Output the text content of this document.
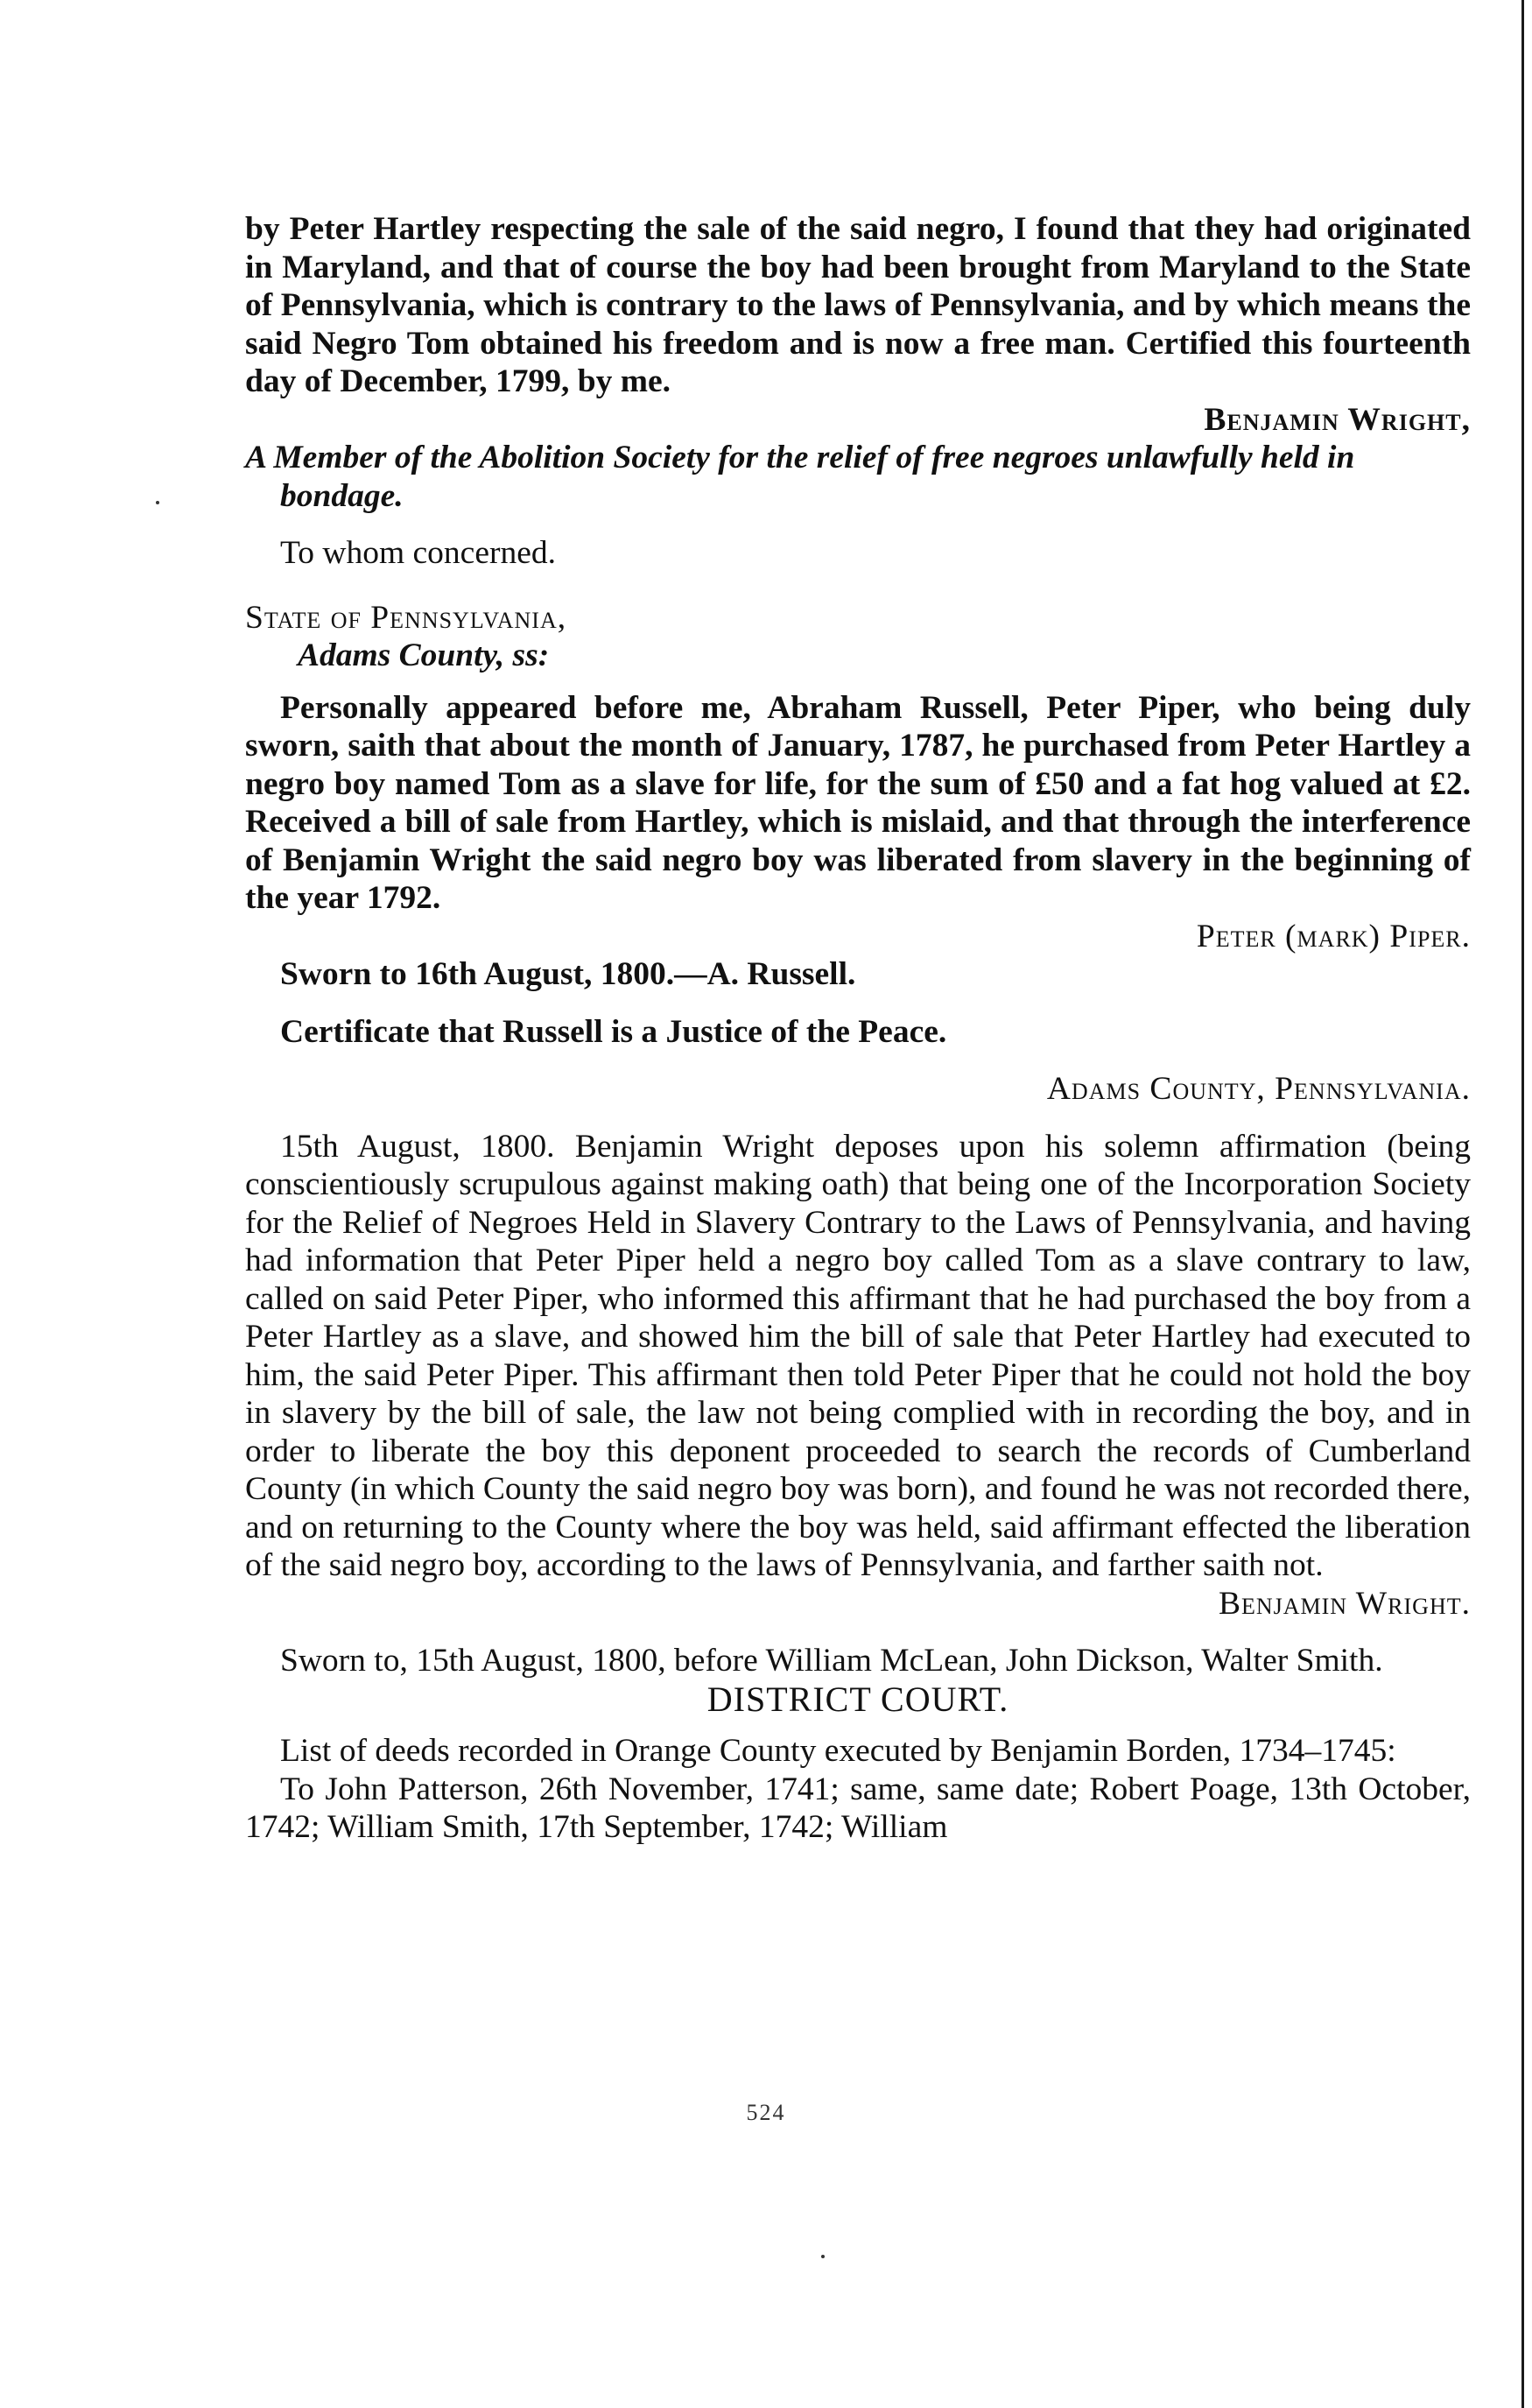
by Peter Hartley respecting the sale of the said negro, I found that they had originated in Maryland, and that of course the boy had been brought from Maryland to the State of Pennsylvania, which is contrary to the laws of Pennsylvania, and by which means the said Negro Tom obtained his freedom and is now a free man. Certified this fourteenth day of December, 1799, by me.

Benjamin Wright,

A Member of the Abolition Society for the relief of free negroes unlawfully held in bondage.

To whom concerned.

State of Pennsylvania,

Adams County, ss:

Personally appeared before me, Abraham Russell, Peter Piper, who being duly sworn, saith that about the month of January, 1787, he purchased from Peter Hartley a negro boy named Tom as a slave for life, for the sum of £50 and a fat hog valued at £2. Received a bill of sale from Hartley, which is mislaid, and that through the interference of Benjamin Wright the said negro boy was liberated from slavery in the beginning of the year 1792.

Peter (mark) Piper.

Sworn to 16th August, 1800.—A. Russell.

Certificate that Russell is a Justice of the Peace.

Adams County, Pennsylvania.

15th August, 1800. Benjamin Wright deposes upon his solemn affirmation (being conscientiously scrupulous against making oath) that being one of the Incorporation Society for the Relief of Negroes Held in Slavery Contrary to the Laws of Pennsylvania, and having had information that Peter Piper held a negro boy called Tom as a slave contrary to law, called on said Peter Piper, who informed this affirmant that he had purchased the boy from a Peter Hartley as a slave, and showed him the bill of sale that Peter Hartley had executed to him, the said Peter Piper. This affirmant then told Peter Piper that he could not hold the boy in slavery by the bill of sale, the law not being complied with in recording the boy, and in order to liberate the boy this deponent proceeded to search the records of Cumberland County (in which County the said negro boy was born), and found he was not recorded there, and on returning to the County where the boy was held, said affirmant effected the liberation of the said negro boy, according to the laws of Pennsylvania, and farther saith not.

Benjamin Wright.

Sworn to, 15th August, 1800, before William McLean, John Dickson, Walter Smith.

DISTRICT COURT.

List of deeds recorded in Orange County executed by Benjamin Borden, 1734–1745:

To John Patterson, 26th November, 1741; same, same date; Robert Poage, 13th October, 1742; William Smith, 17th September, 1742; William

524
